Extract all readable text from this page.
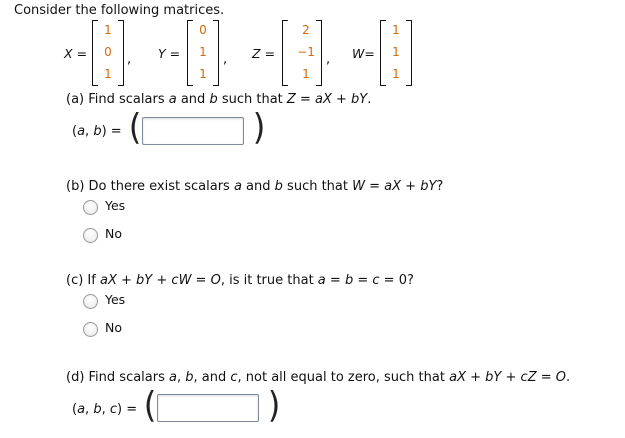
Consider the following matrices.
X =
1
0
1
, Y =
0
1
1
, Z =
2
−1
1
, W=
1
1
1
(a) Find scalars a and b such that Z = aX + bY.
(a, b) = (	)
(b) Do there exist scalars a and b such that W = aX + bY?
Yes
No
(c) If aX + bY + cW = O, is it true that a = b = c = 0?
Yes
No
(d) Find scalars a, b, and c, not all equal to zero, such that aX + bY + cZ = O.
(a, b, c) = (	)
